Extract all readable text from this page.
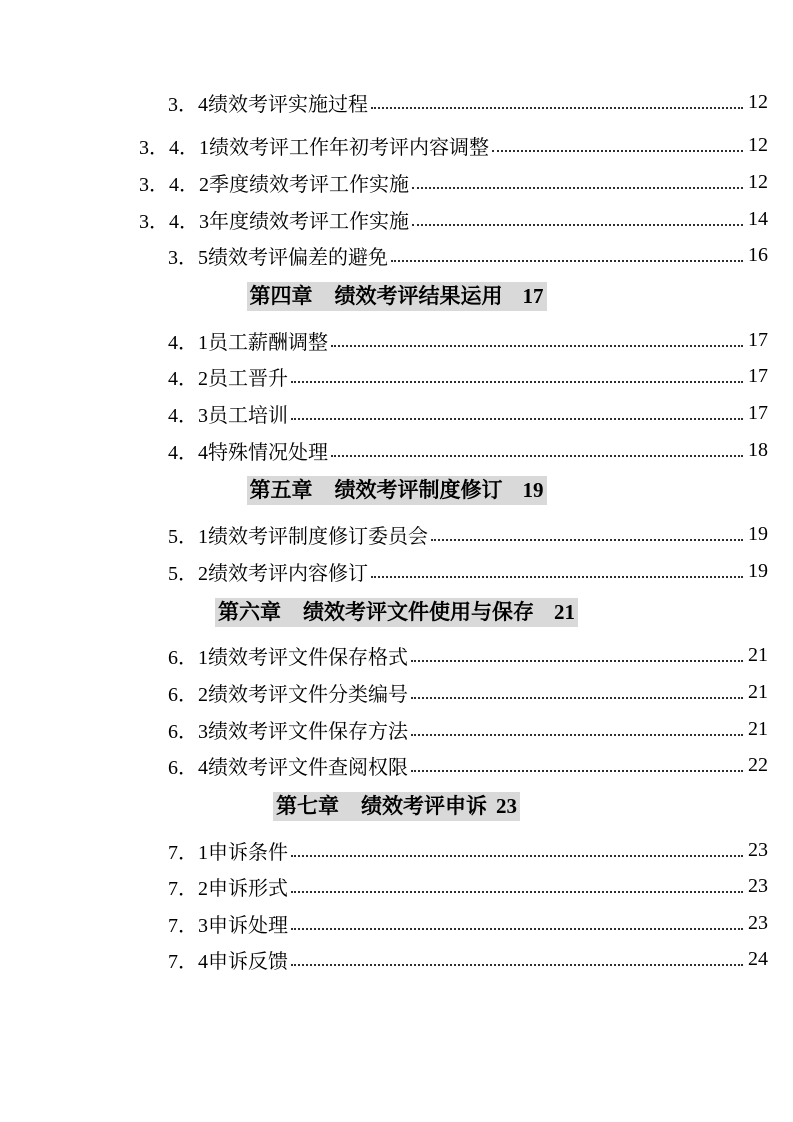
3．4绩效考评实施过程	12
3．4．1绩效考评工作年初考评内容调整	12
3．4．2季度绩效考评工作实施	12
3．4．3年度绩效考评工作实施	14
3．5绩效考评偏差的避免	16
第四章 绩效考评结果运用 17
4．1员工薪酬调整	17
4．2员工晋升	17
4．3员工培训	17
4．4特殊情况处理	18
第五章 绩效考评制度修订 19
5．1绩效考评制度修订委员会	19
5．2绩效考评内容修订	19
第六章 绩效考评文件使用与保存 21
6．1绩效考评文件保存格式	21
6．2绩效考评文件分类编号	21
6．3绩效考评文件保存方法	21
6．4绩效考评文件查阅权限	22
第七章 绩效考评申诉 23
7．1申诉条件	23
7．2申诉形式	23
7．3申诉处理	23
7．4申诉反馈	24
